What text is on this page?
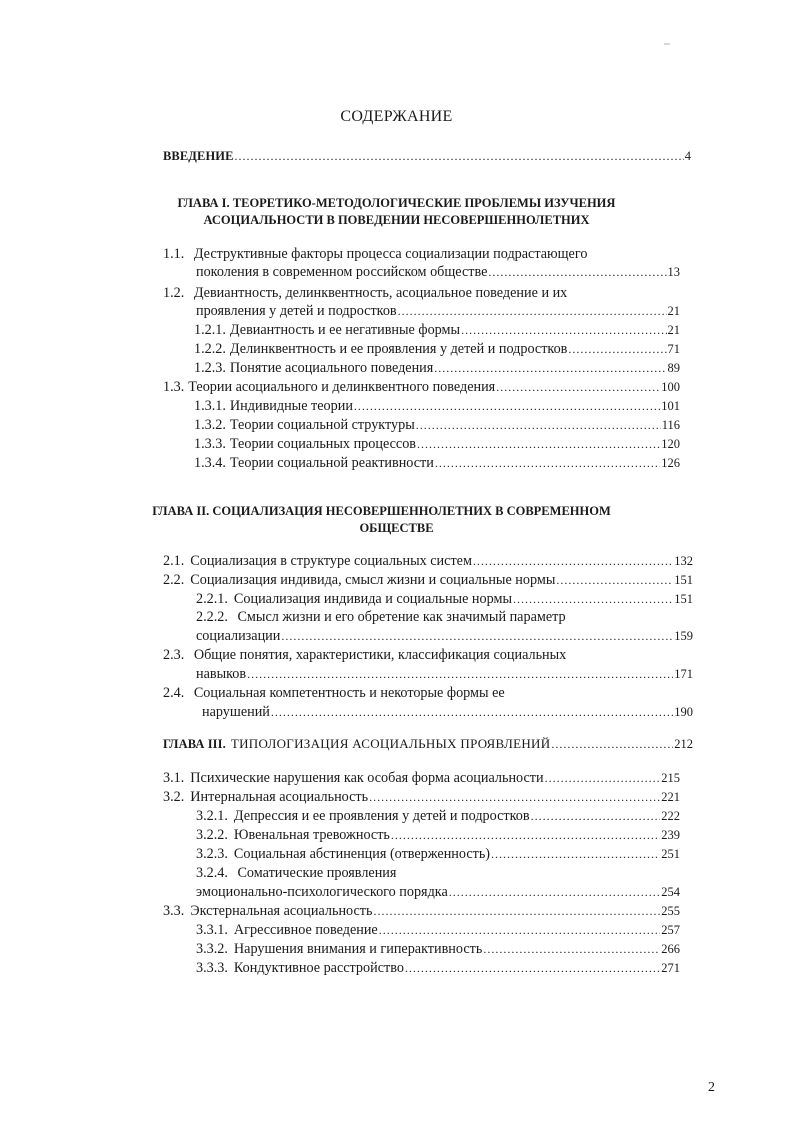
СОДЕРЖАНИЕ
ВВЕДЕНИЕ .....	4
ГЛАВА I. ТЕОРЕТИКО-МЕТОДОЛОГИЧЕСКИЕ ПРОБЛЕМЫ ИЗУЧЕНИЯ
АСОЦИАЛЬНОСТИ В ПОВЕДЕНИИ НЕСОВЕРШЕННОЛЕТНИХ
1.1. Деструктивные факторы процесса социализации подрастающего
поколения в современном российском обществе .....	13
1.2. Девиантность, делинквентность, асоциальное поведение и их
проявления у детей и подростков .....	21
1.2.1. Девиантность и ее негативные формы .....	21
1.2.2. Делинквентность и ее проявления у детей и подростков .....	71
1.2.3. Понятие асоциального поведения .....	89
1.3. Теории асоциального и делинквентного поведения .....	100
1.3.1. Индивидные теории .....	101
1.3.2. Теории социальной структуры .....	116
1.3.3. Теории социальных процессов .....	120
1.3.4. Теории социальной реактивности .....	126
ГЛАВА II. СОЦИАЛИЗАЦИЯ НЕСОВЕРШЕННОЛЕТНИХ В СОВРЕМЕННОМ
ОБЩЕСТВЕ
2.1. Социализация в структуре социальных систем .....	132
2.2. Социализация индивида, смысл жизни и социальные нормы .....	151
2.2.1. Социализация индивида и социальные нормы .....	151
2.2.2. Смысл жизни и его обретение как значимый параметр
социализации .....	159
2.3. Общие понятия, характеристики, классификация социальных
навыков .....	171
2.4. Социальная компетентность и некоторые формы ее
нарушений .....	190
ГЛАВА III. ТИПОЛОГИЗАЦИЯ АСОЦИАЛЬНЫХ ПРОЯВЛЕНИЙ .....	212
3.1. Психические нарушения как особая форма асоциальности .....	215
3.2. Интернальная асоциальность .....	221
3.2.1. Депрессия и ее проявления у детей и подростков .....	222
3.2.2. Ювенальная тревожность .....	239
3.2.3. Социальная абстиненция (отверженность) .....	251
3.2.4. Соматические проявления
эмоционально-психологического порядка .....	254
3.3. Экстернальная асоциальность .....	255
3.3.1. Агрессивное поведение .....	257
3.3.2. Нарушения внимания и гиперактивность .....	266
3.3.3. Кондуктивное расстройство .....	271
2
